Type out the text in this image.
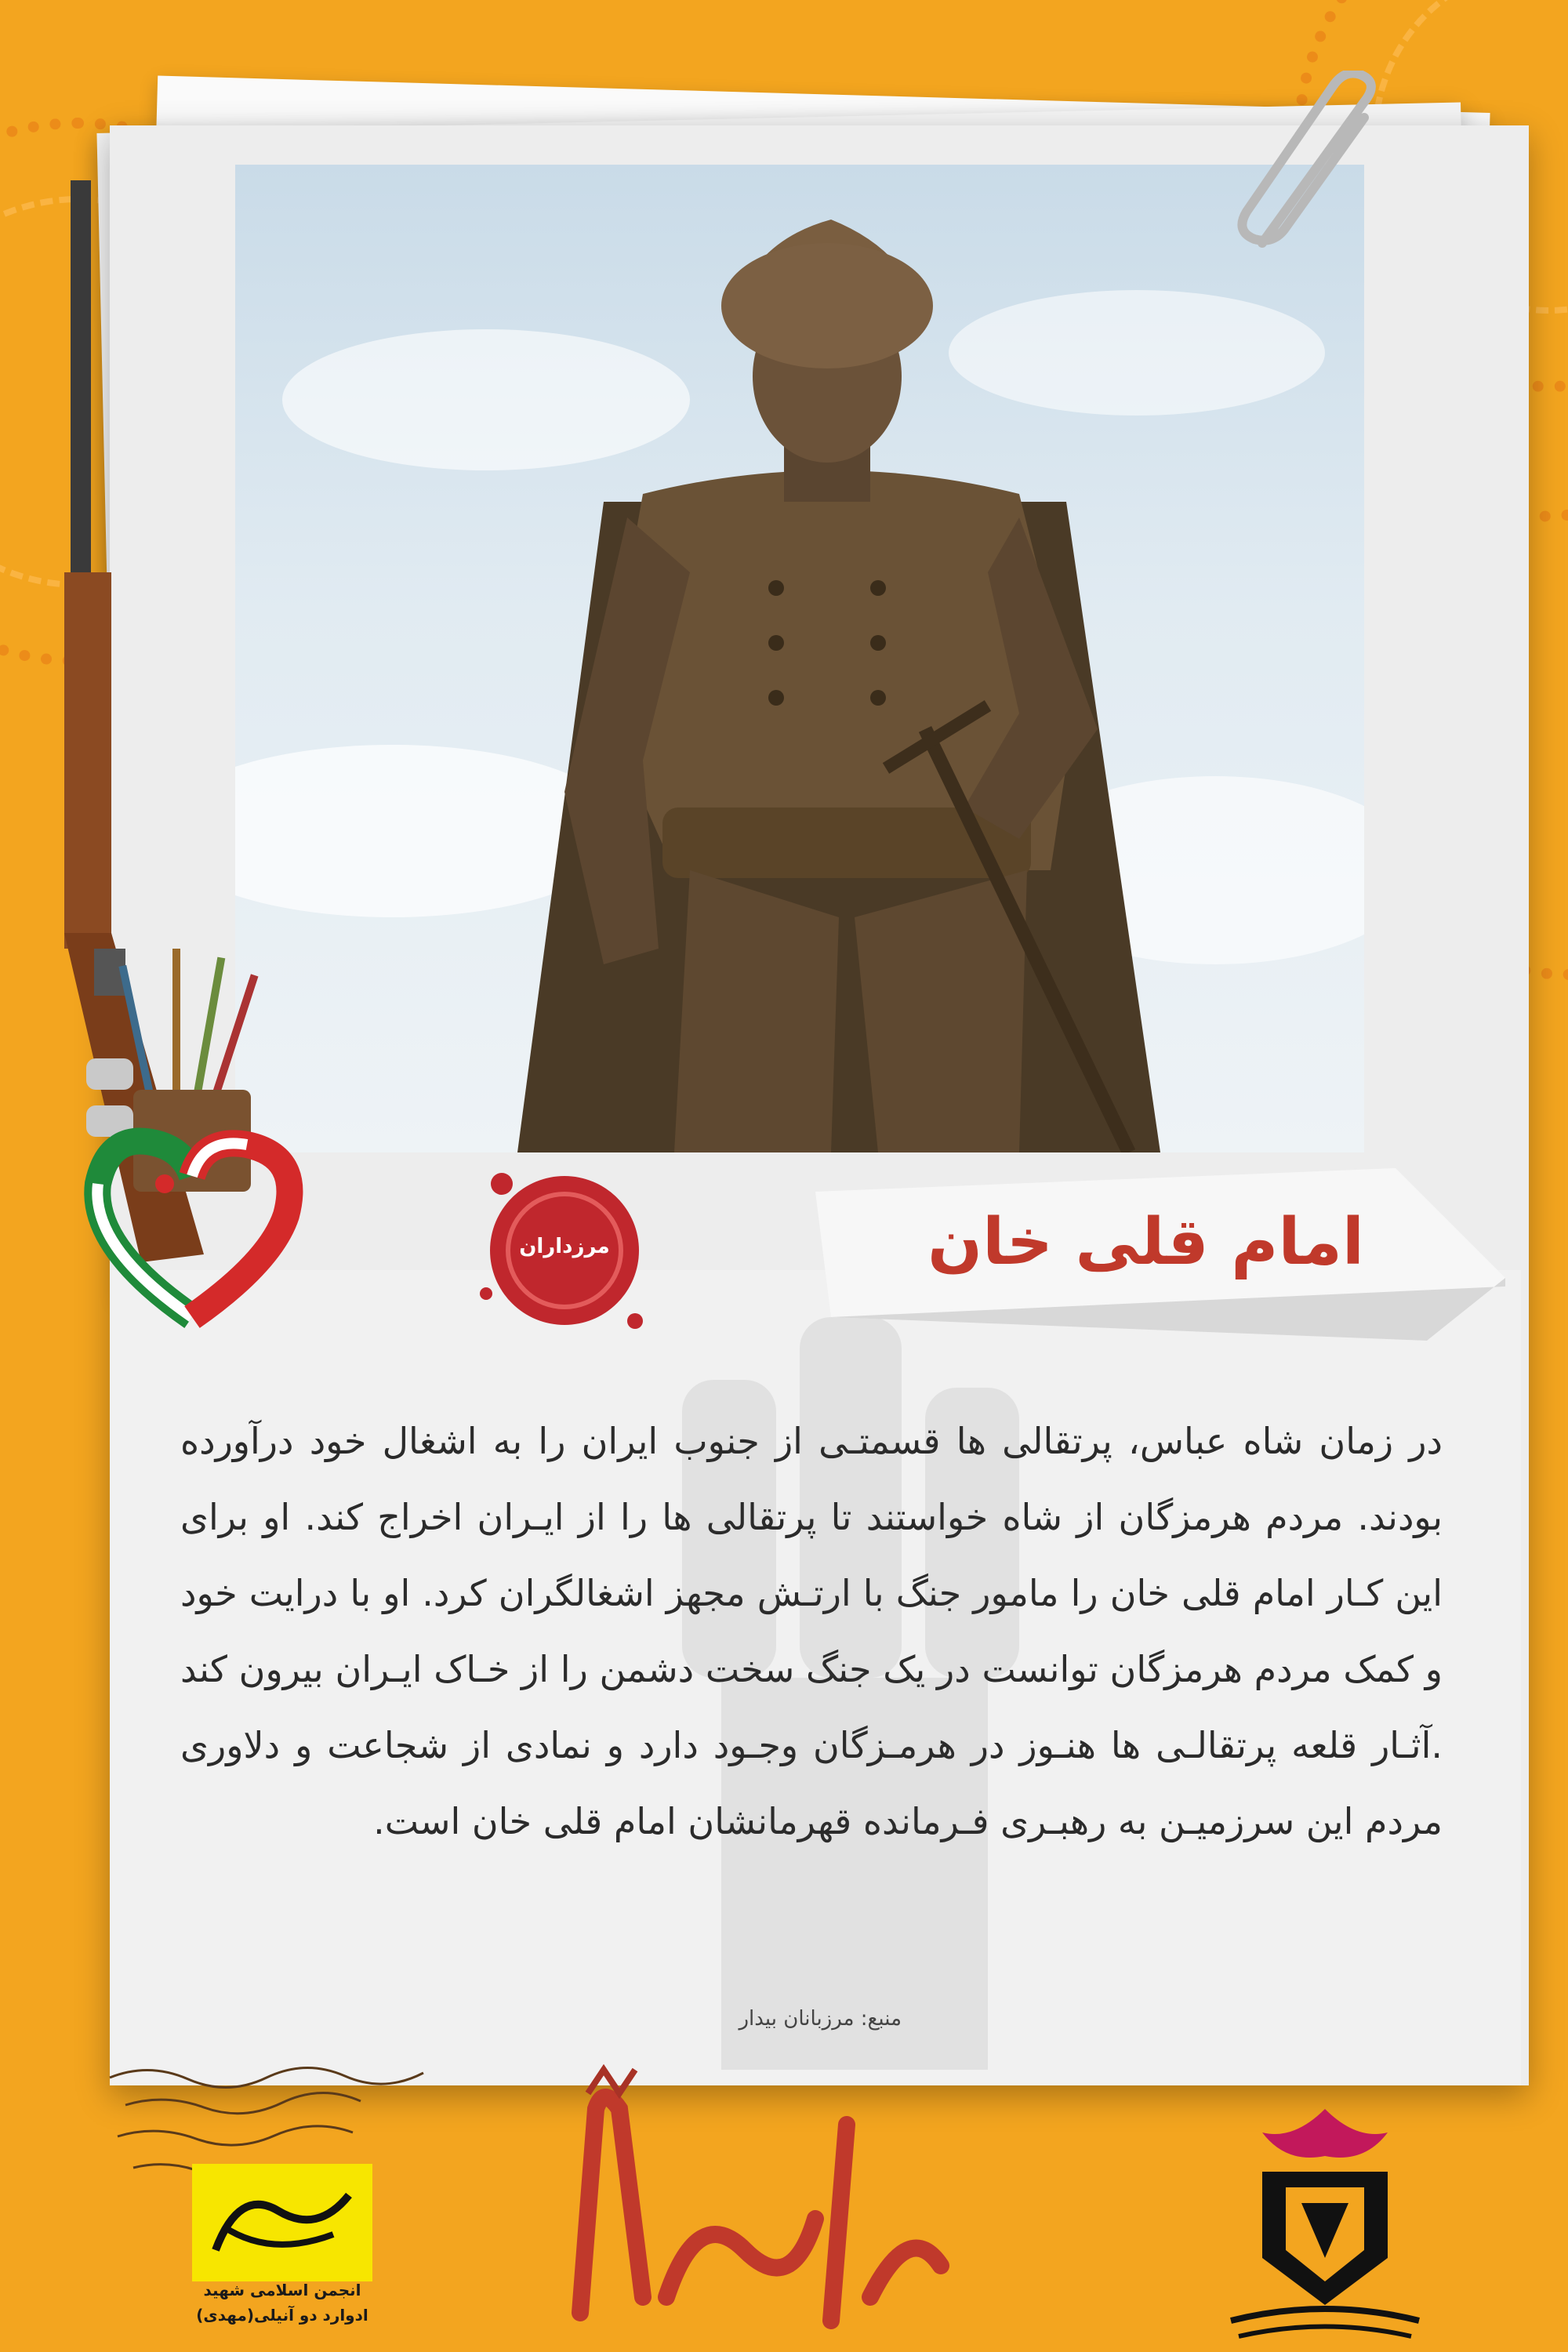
امام قلی خان
مرزداران
در زمان شاه عباس، پرتقالی ها قسمتـی از جنوب ایران را به اشغال خود درآورده بودند. مردم هرمزگان از شاه خواستند تا پرتقالی ها را از ایـران اخراج کند. او برای این کـار امام قلی خان را مامور جنگ با ارتـش مجهز اشغالگران کرد. او با درایت خود و کمک مردم هرمزگان توانست در یک جنگ سخت دشمن را از خـاک ایـران بیرون کند .آثـار قلعه پرتقالـی ها هنـوز در هرمـزگان وجـود دارد و نمادی از شجاعت و دلاوری مردم این سرزمیـن به رهبـری فـرمانده قهرمانشان امام قلی خان است.
منبع: مرزبانان بیدار
انجمن اسلامی شهید
ادوارد دو آنیلی(مهدی)
